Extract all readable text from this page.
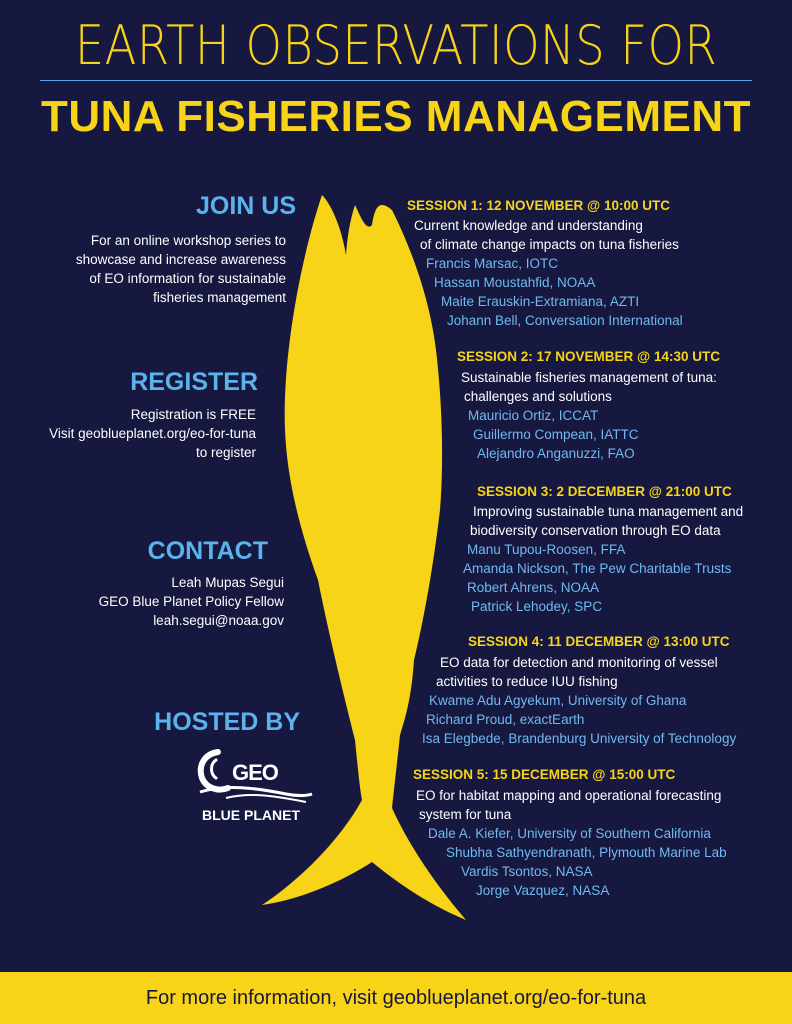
EARTH OBSERVATIONS FOR
TUNA FISHERIES MANAGEMENT
JOIN US
For an online workshop series to
showcase and increase awareness
of EO information for sustainable
fisheries management
REGISTER
Registration is FREE
Visit geoblueplanet.org/eo-for-tuna
to register
CONTACT
Leah Mupas Segui
GEO Blue Planet Policy Fellow
leah.segui@noaa.gov
HOSTED BY
GEO
BLUE PLANET
SESSION 1: 12 NOVEMBER @ 10:00 UTC
Current knowledge and understanding
of climate change impacts on tuna fisheries
Francis Marsac, IOTC
Hassan Moustahfid, NOAA
Maite Erauskin-Extramiana, AZTI
Johann Bell, Conversation International
SESSION 2: 17 NOVEMBER @ 14:30 UTC
Sustainable fisheries management of tuna:
challenges and solutions
Mauricio Ortiz, ICCAT
Guillermo Compean, IATTC
Alejandro Anganuzzi, FAO
SESSION 3: 2 DECEMBER @ 21:00 UTC
Improving sustainable tuna management and
biodiversity conservation through EO data
Manu Tupou-Roosen, FFA
Amanda Nickson, The Pew Charitable Trusts
Robert Ahrens, NOAA
Patrick Lehodey, SPC
SESSION 4: 11 DECEMBER @ 13:00 UTC
EO data for detection and monitoring of vessel
activities to reduce IUU fishing
Kwame Adu Agyekum, University of Ghana
Richard Proud, exactEarth
Isa Elegbede, Brandenburg University of Technology
SESSION 5: 15 DECEMBER @ 15:00 UTC
EO for habitat mapping and operational forecasting
system for tuna
Dale A. Kiefer, University of Southern California
Shubha Sathyendranath, Plymouth Marine Lab
Vardis Tsontos, NASA
Jorge Vazquez, NASA
For more information, visit geoblueplanet.org/eo-for-tuna
